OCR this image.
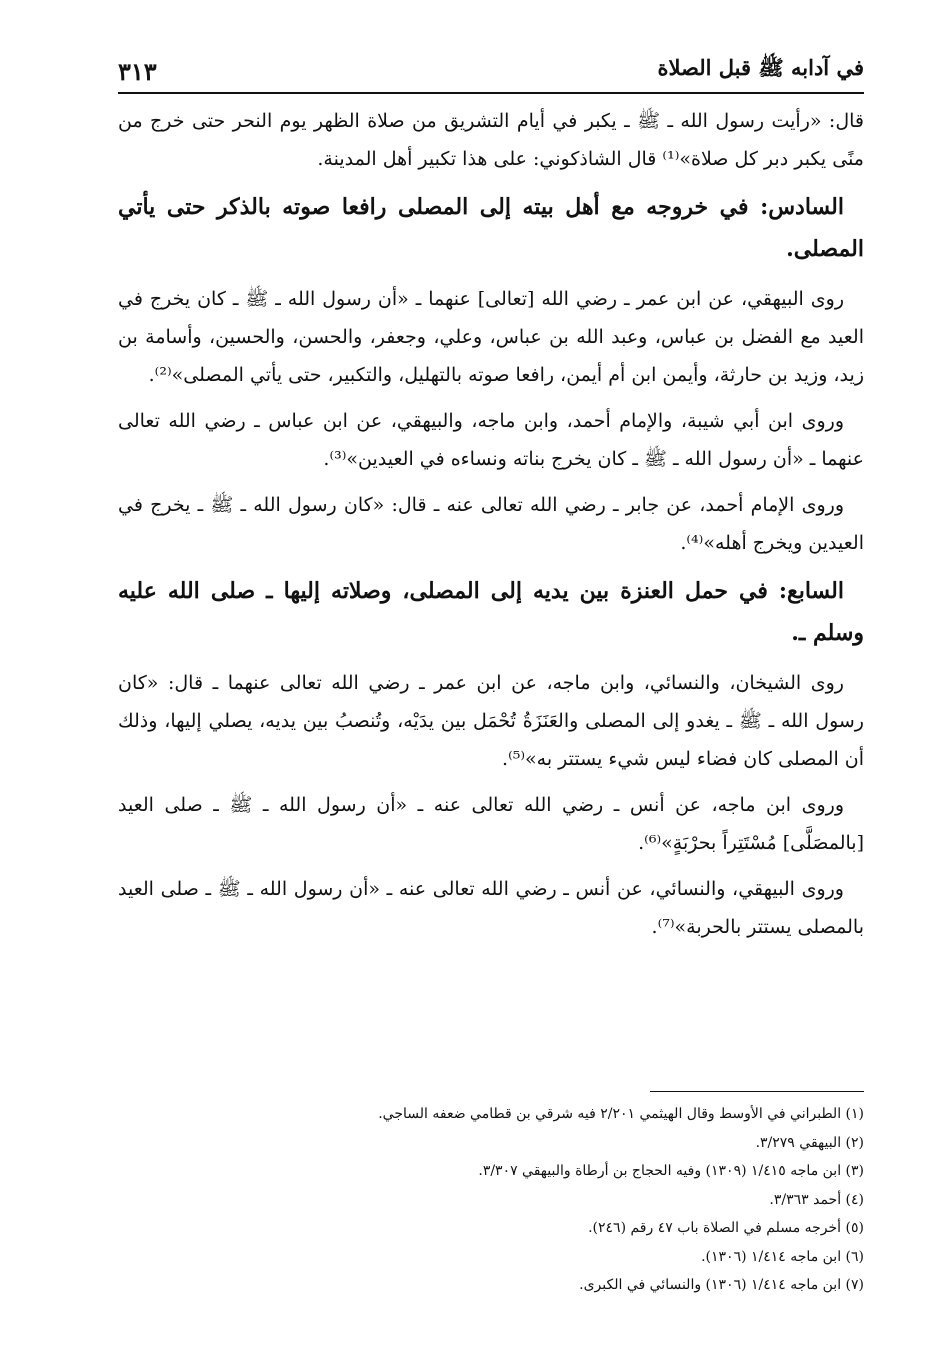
في آدابه ﷺ قبل الصلاة
٣١٣

قال: «رأيت رسول الله ـ ﷺ ـ يكبر في أيام التشريق من صلاة الظهر يوم النحر حتى خرج من منًى يكبر دبر كل صلاة»⁽¹⁾ قال الشاذكوني: على هذا تكبير أهل المدينة.

السادس: في خروجه مع أهل بيته إلى المصلى رافعا صوته بالذكر حتى يأتي المصلى.

روى البيهقي، عن ابن عمر ـ رضي الله [تعالى] عنهما ـ «أن رسول الله ـ ﷺ ـ كان يخرج في العيد مع الفضل بن عباس، وعبد الله بن عباس، وعلي، وجعفر، والحسن، والحسين، وأسامة بن زيد، وزيد بن حارثة، وأيمن ابن أم أيمن، رافعا صوته بالتهليل، والتكبير، حتى يأتي المصلى»⁽²⁾.

وروى ابن أبي شيبة، والإمام أحمد، وابن ماجه، والبيهقي، عن ابن عباس ـ رضي الله تعالى عنهما ـ «أن رسول الله ـ ﷺ ـ كان يخرج بناته ونساءه في العيدين»⁽³⁾.

وروى الإمام أحمد، عن جابر ـ رضي الله تعالى عنه ـ قال: «كان رسول الله ـ ﷺ ـ يخرج في العيدين ويخرج أهله»⁽⁴⁾.

السابع: في حمل العنزة بين يديه إلى المصلى، وصلاته إليها ـ صلى الله عليه وسلم ـ.

روى الشيخان، والنسائي، وابن ماجه، عن ابن عمر ـ رضي الله تعالى عنهما ـ قال: «كان رسول الله ـ ﷺ ـ يغدو إلى المصلى والعَنَزَةُ تُحْمَل بين يدَيْه، وتُنصبُ بين يديه، يصلي إليها، وذلك أن المصلى كان فضاء ليس شيء يستتر به»⁽⁵⁾.

وروى ابن ماجه، عن أنس ـ رضي الله تعالى عنه ـ «أن رسول الله ـ ﷺ ـ صلى العيد [بالمصَلَّى] مُسْتَتِراً بحرْبَةٍ»⁽⁶⁾.

وروى البيهقي، والنسائي، عن أنس ـ رضي الله تعالى عنه ـ «أن رسول الله ـ ﷺ ـ صلى العيد بالمصلى يستتر بالحربة»⁽⁷⁾.

(١) الطبراني في الأوسط وقال الهيثمي ٢/٢٠١ فيه شرقي بن قطامي ضعفه الساجي.
(٢) البيهقي ٣/٢٧٩.
(٣) ابن ماجه ١/٤١٥ (١٣٠٩) وفيه الحجاج بن أرطاة والبيهقي ٣/٣٠٧.
(٤) أحمد ٣/٣٦٣.
(٥) أخرجه مسلم في الصلاة باب ٤٧ رقم (٢٤٦).
(٦) ابن ماجه ١/٤١٤ (١٣٠٦).
(٧) ابن ماجه ١/٤١٤ (١٣٠٦) والنسائي في الكبرى.
